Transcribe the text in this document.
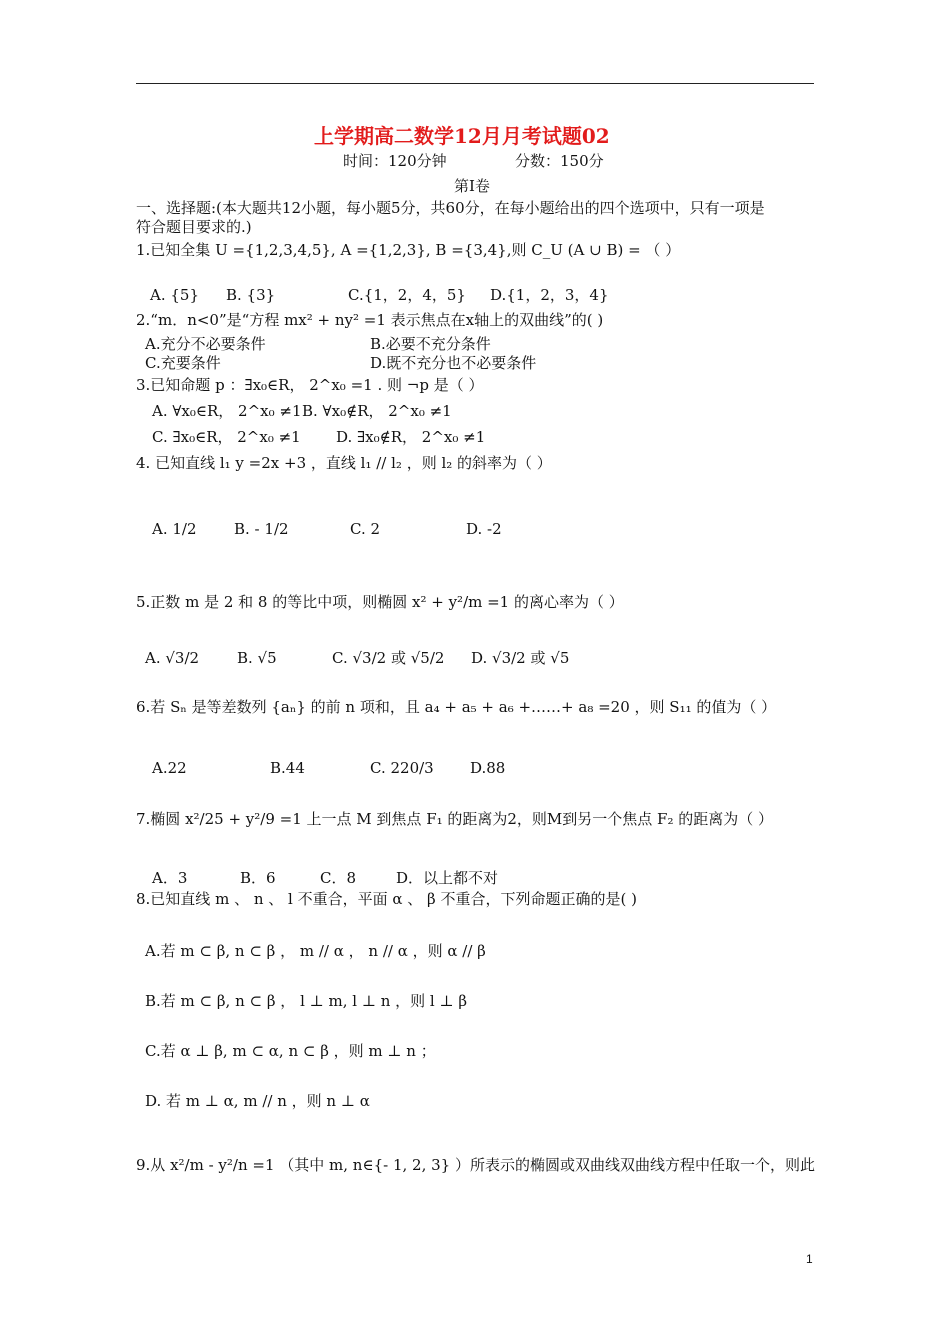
上学期高二数学12月月考试题02
时间：120分钟	分数：150分
第Ⅰ卷
一、选择题:(本大题共12小题，每小题5分，共60分，在每小题给出的四个选项中，只有一项是
符合题目要求的.)
1.已知全集 U ={1,2,3,4,5}, A ={1,2,3}, B ={3,4},则 C_U (A ∪ B) = （ ）
A. {5} B. {3}	C.{1，2，4，5} D.{1，2，3，4}
2.“m．n<0”是“方程 mx² + ny² =1 表示焦点在x轴上的双曲线”的( )
A.充分不必要条件	B.必要不充分条件
C.充要条件	D.既不充分也不必要条件
3.已知命题 p ：∃x₀∈R， 2^x₀ =1 . 则 ¬p 是（ ）
A. ∀x₀∈R， 2^x₀ ≠1 B. ∀x₀∉R， 2^x₀ ≠1
C. ∃x₀∈R， 2^x₀ ≠1 D. ∃x₀∉R， 2^x₀ ≠1
4. 已知直线 l₁ y =2x +3 ，直线 l₁ // l₂ ，则 l₂ 的斜率为（ ）
A. 1/2 B. - 1/2	C. 2	D. -2
5.正数 m 是 2 和 8 的等比中项，则椭圆 x² + y²/m =1 的离心率为（ ）
A. √3/2	B. √5	C. √3/2 或 √5/2 D. √3/2 或 √5
6.若 Sₙ 是等差数列 {aₙ} 的前 n 项和，且 a₄ + a₅ + a₆ +……+ a₈ =20 ，则 S₁₁ 的值为（ ）
A.22	B.44	C. 220/3 D.88
7.椭圆 x²/25 + y²/9 =1 上一点 M 到焦点 F₁ 的距离为2，则M到另一个焦点 F₂ 的距离为（ ）
A．3	B．6	C．8	D．以上都不对
8.已知直线 m 、 n 、 l 不重合，平面 α 、 β 不重合，下列命题正确的是( )
A.若 m ⊂ β, n ⊂ β ， m // α ， n // α ，则 α // β
B.若 m ⊂ β, n ⊂ β ， l ⊥ m, l ⊥ n ，则 l ⊥ β
C.若 α ⊥ β, m ⊂ α, n ⊂ β ，则 m ⊥ n ；
D. 若 m ⊥ α, m // n ，则 n ⊥ α
9.从 x²/m - y²/n =1 （其中 m, n∈{- 1, 2, 3} ）所表示的椭圆或双曲线双曲线方程中任取一个，则此
1
